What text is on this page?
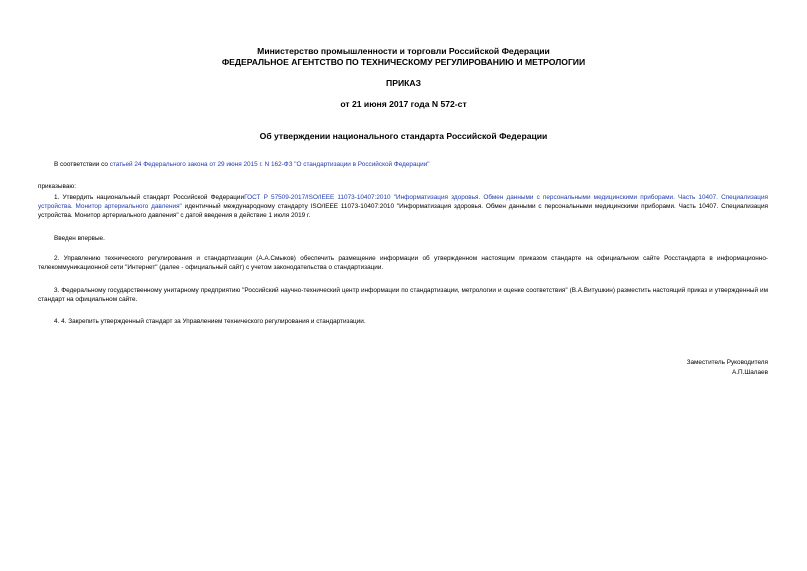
Министерство промышленности и торговли Российской Федерации
ФЕДЕРАЛЬНОЕ АГЕНТСТВО ПО ТЕХНИЧЕСКОМУ РЕГУЛИРОВАНИЮ И МЕТРОЛОГИИ
ПРИКАЗ
от 21 июня 2017 года N 572-ст
Об утверждении национального стандарта Российской Федерации

В соответствии со статьей 24 Федерального закона от 29 июня 2015 г. N 162-ФЗ "О стандартизации в Российской Федерации"

приказываю:

1. Утвердить национальный стандарт Российской ФедерацииГОСТ Р 57509-2017/ISO/IEEE 11073-10407:2010 "Информатизация здоровья. Обмен данными с персональными медицинскими приборами. Часть 10407. Специализация устройства. Монитор артериального давления" идентичный международному стандарту ISO/IEEE 11073-10407:2010 "Информатизация здоровья. Обмен данными с персональными медицинскими приборами. Часть 10407. Специализация устройства. Монитор артериального давления" с датой введения в действие 1 июля 2019 г.

Введен впервые.

2. Управлению технического регулирования и стандартизации (А.А.Смыков) обеспечить размещение информации об утвержденном настоящим приказом стандарте на официальном сайте Росстандарта в информационно-телекоммуникационной сети "Интернет" (далее - официальный сайт) с учетом законодательства о стандартизации.

3. Федеральному государственному унитарному предприятию "Российский научно-технический центр информации по стандартизации, метрологии и оценке соответствия" (В.А.Витушкин) разместить настоящий приказ и утвержденный им стандарт на официальном сайте.

4. 4. Закрепить утвержденный стандарт за Управлением технического регулирования и стандартизации.

Заместитель Руководителя
А.П.Шалаев
